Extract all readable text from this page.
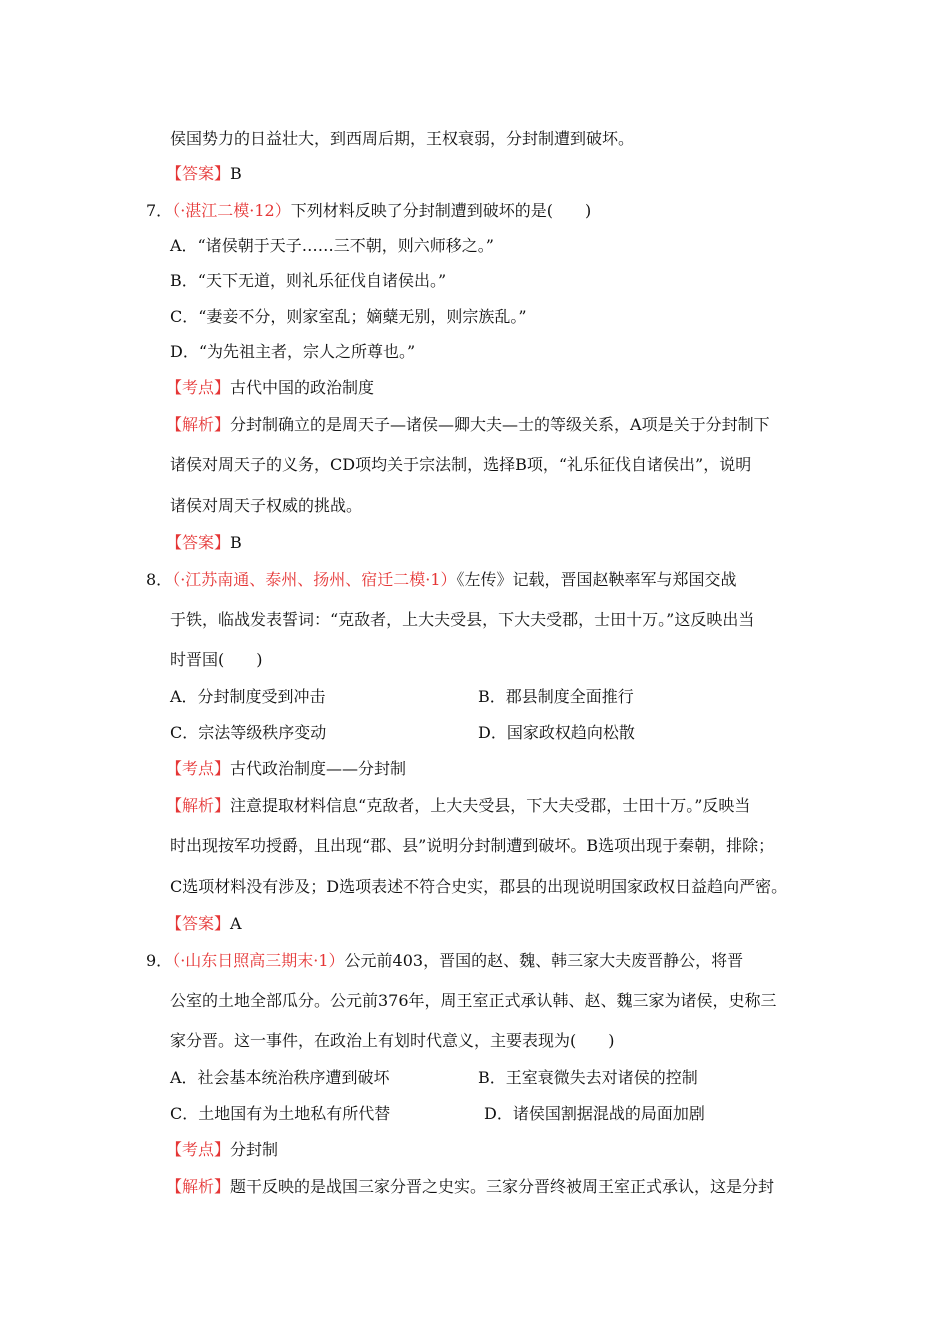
侯国势力的日益壮大，到西周后期，王权衰弱，分封制遭到破坏。
【答案】B
7．（·湛江二模·12）下列材料反映了分封制遭到破坏的是(　　)
A．“诸侯朝于天子……三不朝，则六师移之。”
B．“天下无道，则礼乐征伐自诸侯出。”
C．“妻妾不分，则家室乱；嫡糵无别，则宗族乱。”
D．“为先祖主者，宗人之所尊也。”
【考点】古代中国的政治制度
【解析】分封制确立的是周天子—诸侯—卿大夫—士的等级关系，A项是关于分封制下
诸侯对周天子的义务，CD项均关于宗法制，选择B项，“礼乐征伐自诸侯出”，说明
诸侯对周天子权威的挑战。
【答案】B
8．（·江苏南通、泰州、扬州、宿迁二模·1）《左传》记载，晋国赵鞅率军与郑国交战
于铁，临战发表誓词：“克敌者，上大夫受县，下大夫受郡，士田十万。”这反映出当
时晋国(　　)
A．分封制度受到冲击	B．郡县制度全面推行
C．宗法等级秩序变动	D．国家政权趋向松散
【考点】古代政治制度——分封制
【解析】注意提取材料信息“克敌者，上大夫受县，下大夫受郡，士田十万。”反映当
时出现按军功授爵，且出现“郡、县”说明分封制遭到破坏。B选项出现于秦朝，排除；
C选项材料没有涉及；D选项表述不符合史实，郡县的出现说明国家政权日益趋向严密。
【答案】A
9．（·山东日照高三期末·1）公元前403，晋国的赵、魏、韩三家大夫废晋静公，将晋
公室的土地全部瓜分。公元前376年，周王室正式承认韩、赵、魏三家为诸侯，史称三
家分晋。这一事件，在政治上有划时代意义，主要表现为(　　)
A．社会基本统治秩序遭到破坏	B．王室衰微失去对诸侯的控制
C．土地国有为土地私有所代替	D．诸侯国割据混战的局面加剧
【考点】分封制
【解析】题干反映的是战国三家分晋之史实。三家分晋终被周王室正式承认，这是分封
